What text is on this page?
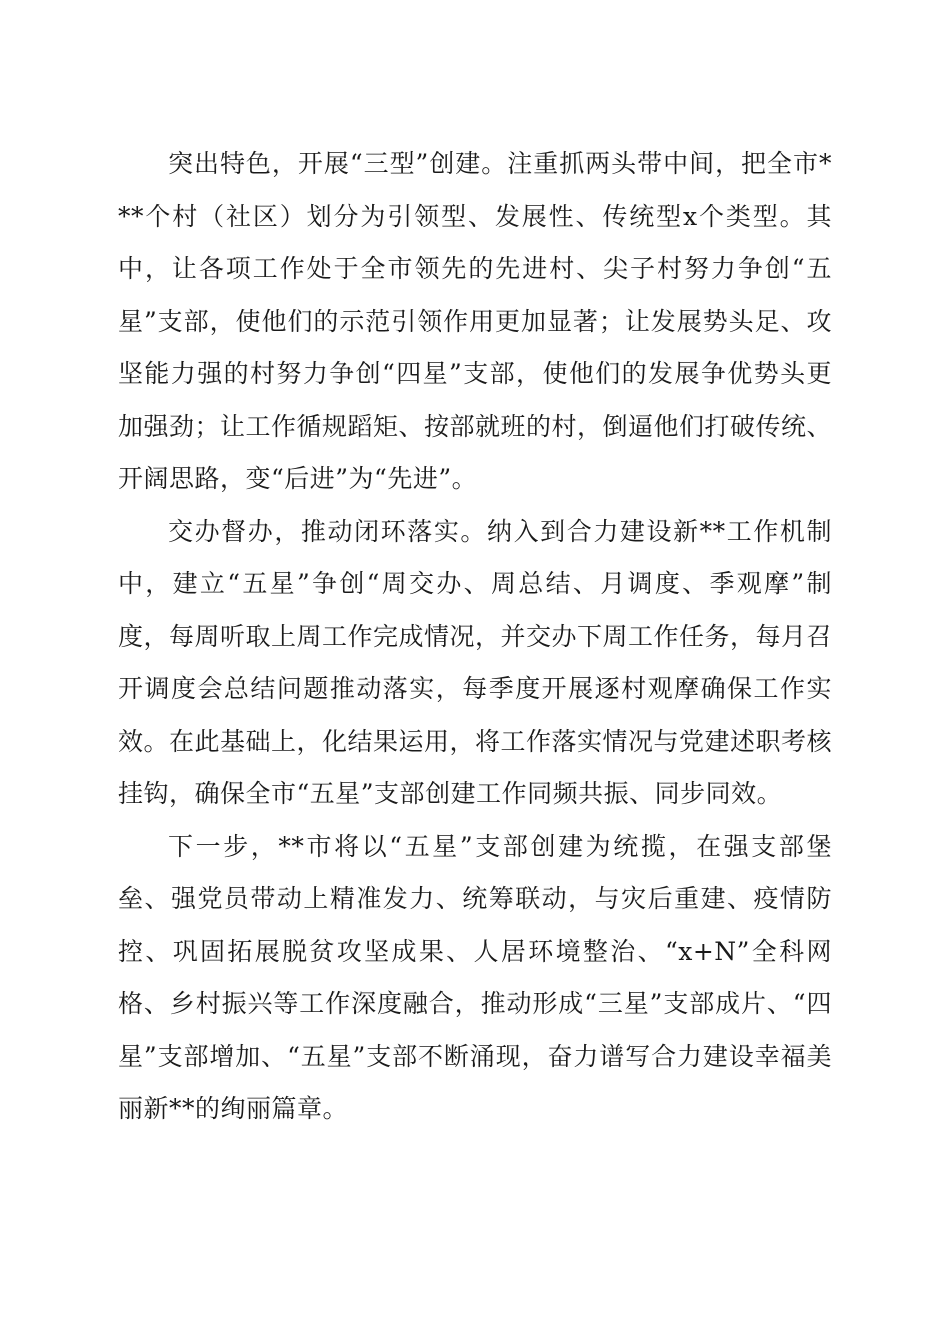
突出特色，开展“三型”创建。注重抓两头带中间，把全市***个村（社区）划分为引领型、发展性、传统型x个类型。其中，让各项工作处于全市领先的先进村、尖子村努力争创“五星”支部，使他们的示范引领作用更加显著；让发展势头足、攻坚能力强的村努力争创“四星”支部，使他们的发展争优势头更加强劲；让工作循规蹈矩、按部就班的村，倒逼他们打破传统、开阔思路，变“后进”为“先进”。

交办督办，推动闭环落实。纳入到合力建设新**工作机制中，建立“五星”争创“周交办、周总结、月调度、季观摩”制度，每周听取上周工作完成情况，并交办下周工作任务，每月召开调度会总结问题推动落实，每季度开展逐村观摩确保工作实效。在此基础上，化结果运用，将工作落实情况与党建述职考核挂钩，确保全市“五星”支部创建工作同频共振、同步同效。

下一步，**市将以“五星”支部创建为统揽，在强支部堡垒、强党员带动上精准发力、统筹联动，与灾后重建、疫情防控、巩固拓展脱贫攻坚成果、人居环境整治、“x+N”全科网格、乡村振兴等工作深度融合，推动形成“三星”支部成片、“四星”支部增加、“五星”支部不断涌现，奋力谱写合力建设幸福美丽新**的绚丽篇章。
